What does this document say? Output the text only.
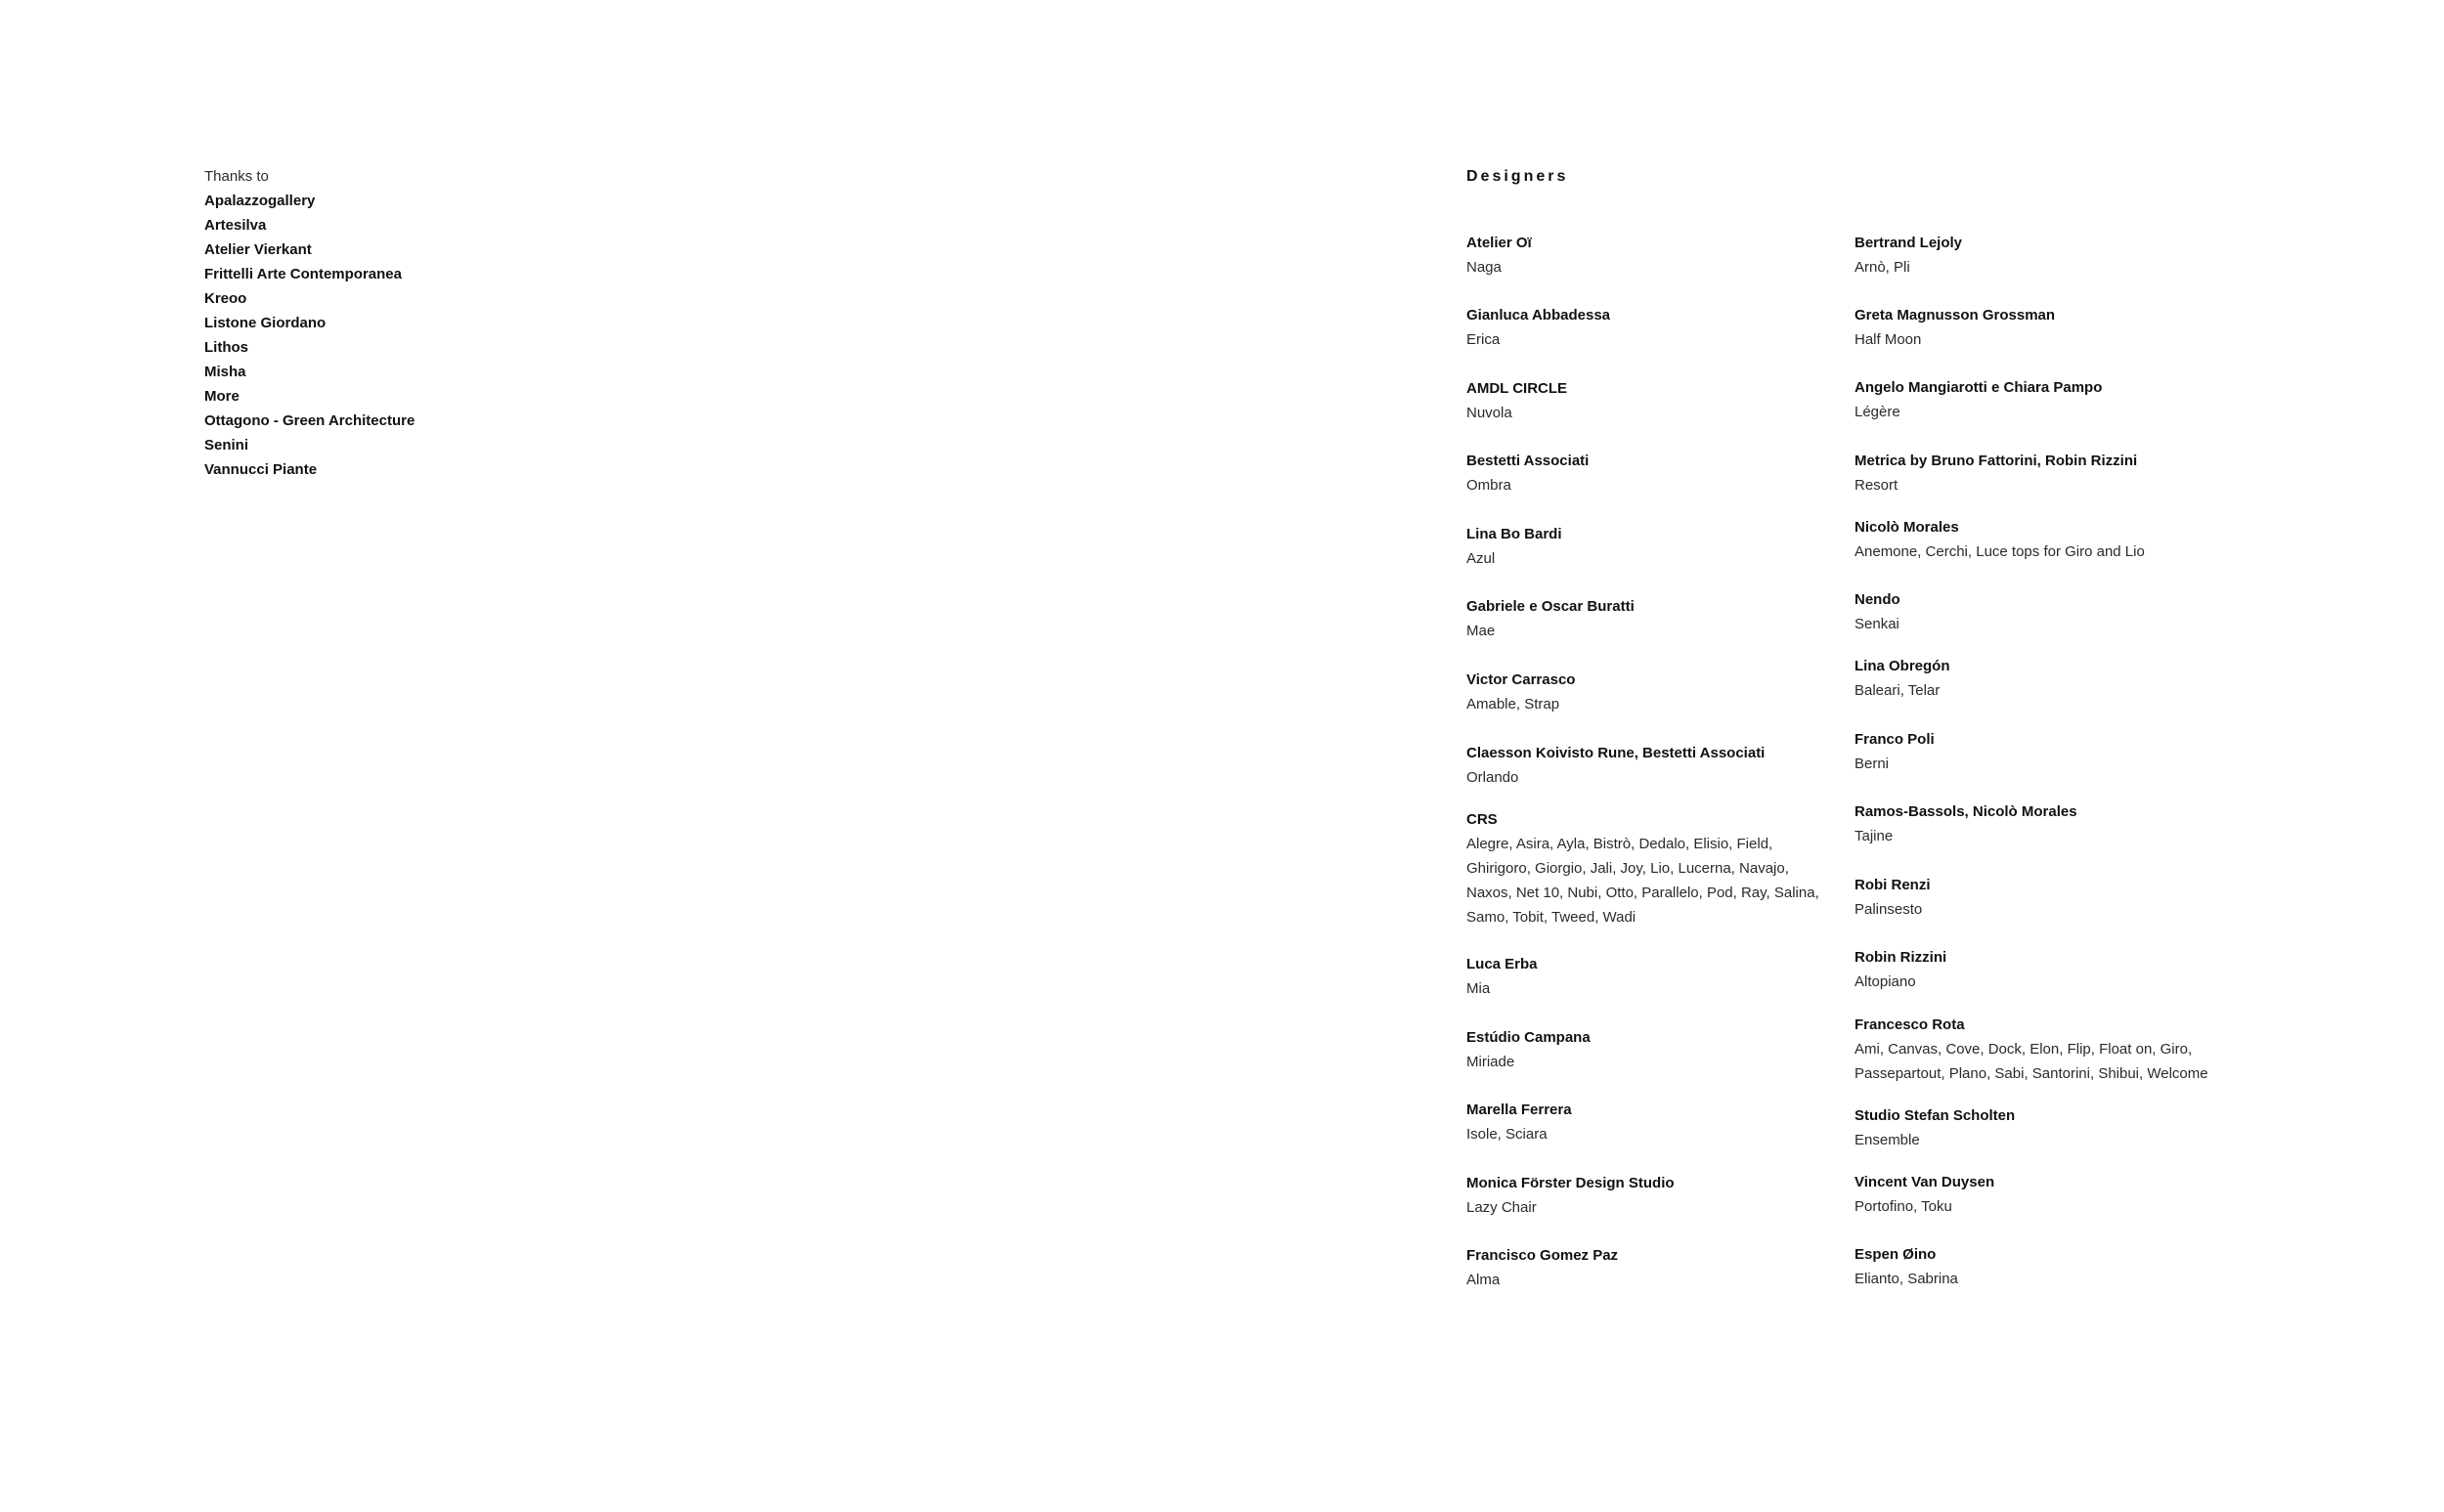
Thanks to
Apalazzogallery
Artesilva
Atelier Vierkant
Frittelli Arte Contemporanea
Kreoo
Listone Giordano
Lithos
Misha
More
Ottagono - Green Architecture
Senini
Vannucci Piante
Designers
Atelier Oï
Naga
Gianluca Abbadessa
Erica
AMDL CIRCLE
Nuvola
Bestetti Associati
Ombra
Lina Bo Bardi
Azul
Gabriele e Oscar Buratti
Mae
Victor Carrasco
Amable, Strap
Claesson Koivisto Rune, Bestetti Associati
Orlando
CRS
Alegre, Asira, Ayla, Bistrò, Dedalo, Elisio, Field, Ghirigoro, Giorgio, Jali, Joy, Lio, Lucerna, Navajo, Naxos, Net 10, Nubi, Otto, Parallelo, Pod, Ray, Salina, Samo, Tobit, Tweed, Wadi
Luca Erba
Mia
Estúdio Campana
Miriade
Marella Ferrera
Isole, Sciara
Monica Förster Design Studio
Lazy Chair
Francisco Gomez Paz
Alma
Bertrand Lejoly
Arnò, Pli
Greta Magnusson Grossman
Half Moon
Angelo Mangiarotti e Chiara Pampo
Légère
Metrica by Bruno Fattorini, Robin Rizzini
Resort
Nicolò Morales
Anemone, Cerchi, Luce tops for Giro and Lio
Nendo
Senkai
Lina Obregón
Baleari, Telar
Franco Poli
Berni
Ramos-Bassols, Nicolò Morales
Tajine
Robi Renzi
Palinsesto
Robin Rizzini
Altopiano
Francesco Rota
Ami, Canvas, Cove, Dock, Elon, Flip, Float on, Giro, Passepartout, Plano, Sabi, Santorini, Shibui, Welcome
Studio Stefan Scholten
Ensemble
Vincent Van Duysen
Portofino, Toku
Espen Øino
Elianto, Sabrina
